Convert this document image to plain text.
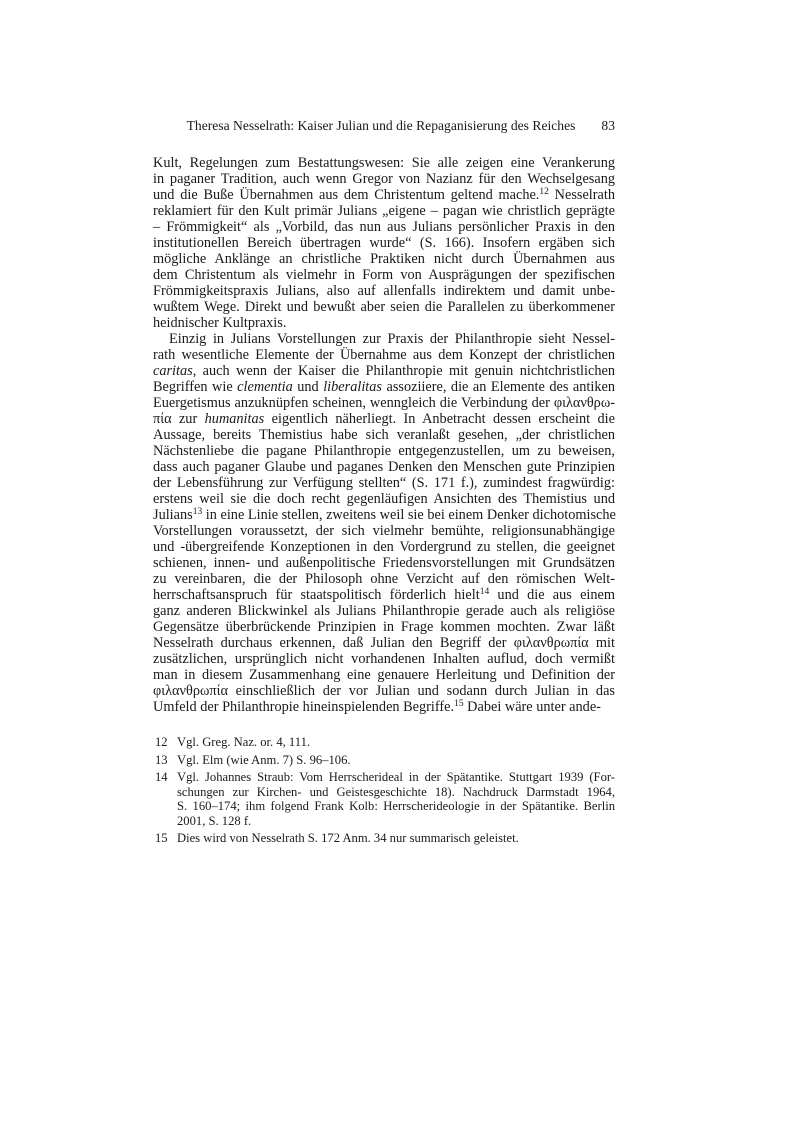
Theresa Nesselrath: Kaiser Julian und die Repaganisierung des Reiches 83
Kult, Regelungen zum Bestattungswesen: Sie alle zeigen eine Verankerung
in paganer Tradition, auch wenn Gregor von Nazianz für den Wechselgesang
und die Buße Übernahmen aus dem Christentum geltend mache.$^{12}$ Nesselrath
reklamiert für den Kult primär Julians „eigene – pagan wie christlich geprägte
– Frömmigkeit“ als „Vorbild, das nun aus Julians persönlicher Praxis in den
institutionellen Bereich übertragen wurde“ (S. 166). Insofern ergäben sich
mögliche Anklänge an christliche Praktiken nicht durch Übernahmen aus
dem Christentum als vielmehr in Form von Ausprägungen der spezifischen
Frömmigkeitspraxis Julians, also auf allenfalls indirektem und damit unbe-
wußtem Wege. Direkt und bewußt aber seien die Parallelen zu überkommener
heidnischer Kultpraxis.
Einzig in Julians Vorstellungen zur Praxis der Philanthropie sieht Nessel-
rath wesentliche Elemente der Übernahme aus dem Konzept der christlichen
caritas, auch wenn der Kaiser die Philanthropie mit genuin nichtchristlichen
Begriffen wie clementia und liberalitas assoziiere, die an Elemente des antiken
Euergetismus anzuknüpfen scheinen, wenngleich die Verbindung der φιλανθρω-
πία zur humanitas eigentlich näherliegt. In Anbetracht dessen erscheint die
Aussage, bereits Themistius habe sich veranlaßt gesehen, „der christlichen
Nächstenliebe die pagane Philanthropie entgegenzustellen, um zu beweisen,
dass auch paganer Glaube und paganes Denken den Menschen gute Prinzipien
der Lebensführung zur Verfügung stellten“ (S. 171 f.), zumindest fragwürdig:
erstens weil sie die doch recht gegenläufigen Ansichten des Themistius und
Julians$^{13}$ in eine Linie stellen, zweitens weil sie bei einem Denker dichotomische
Vorstellungen voraussetzt, der sich vielmehr bemühte, religionsunabhängige
und -übergreifende Konzeptionen in den Vordergrund zu stellen, die geeignet
schienen, innen- und außenpolitische Friedensvorstellungen mit Grundsätzen
zu vereinbaren, die der Philosoph ohne Verzicht auf den römischen Welt-
herrschaftsanspruch für staatspolitisch förderlich hielt$^{14}$ und die aus einem
ganz anderen Blickwinkel als Julians Philanthropie gerade auch als religiöse
Gegensätze überbrückende Prinzipien in Frage kommen mochten. Zwar läßt
Nesselrath durchaus erkennen, daß Julian den Begriff der φιλανθρωπία mit
zusätzlichen, ursprünglich nicht vorhandenen Inhalten auflud, doch vermißt
man in diesem Zusammenhang eine genauere Herleitung und Definition der
φιλανθρωπία einschließlich der vor Julian und sodann durch Julian in das
Umfeld der Philanthropie hineinspielenden Begriffe.$^{15}$ Dabei wäre unter ande-
12 Vgl. Greg. Naz. or. 4, 111.
13 Vgl. Elm (wie Anm. 7) S. 96–106.
14 Vgl. Johannes Straub: Vom Herrscherideal in der Spätantike. Stuttgart 1939 (For-
schungen zur Kirchen- und Geistesgeschichte 18). Nachdruck Darmstadt 1964,
S. 160–174; ihm folgend Frank Kolb: Herrscherideologie in der Spätantike. Berlin
2001, S. 128 f.
15 Dies wird von Nesselrath S. 172 Anm. 34 nur summarisch geleistet.
